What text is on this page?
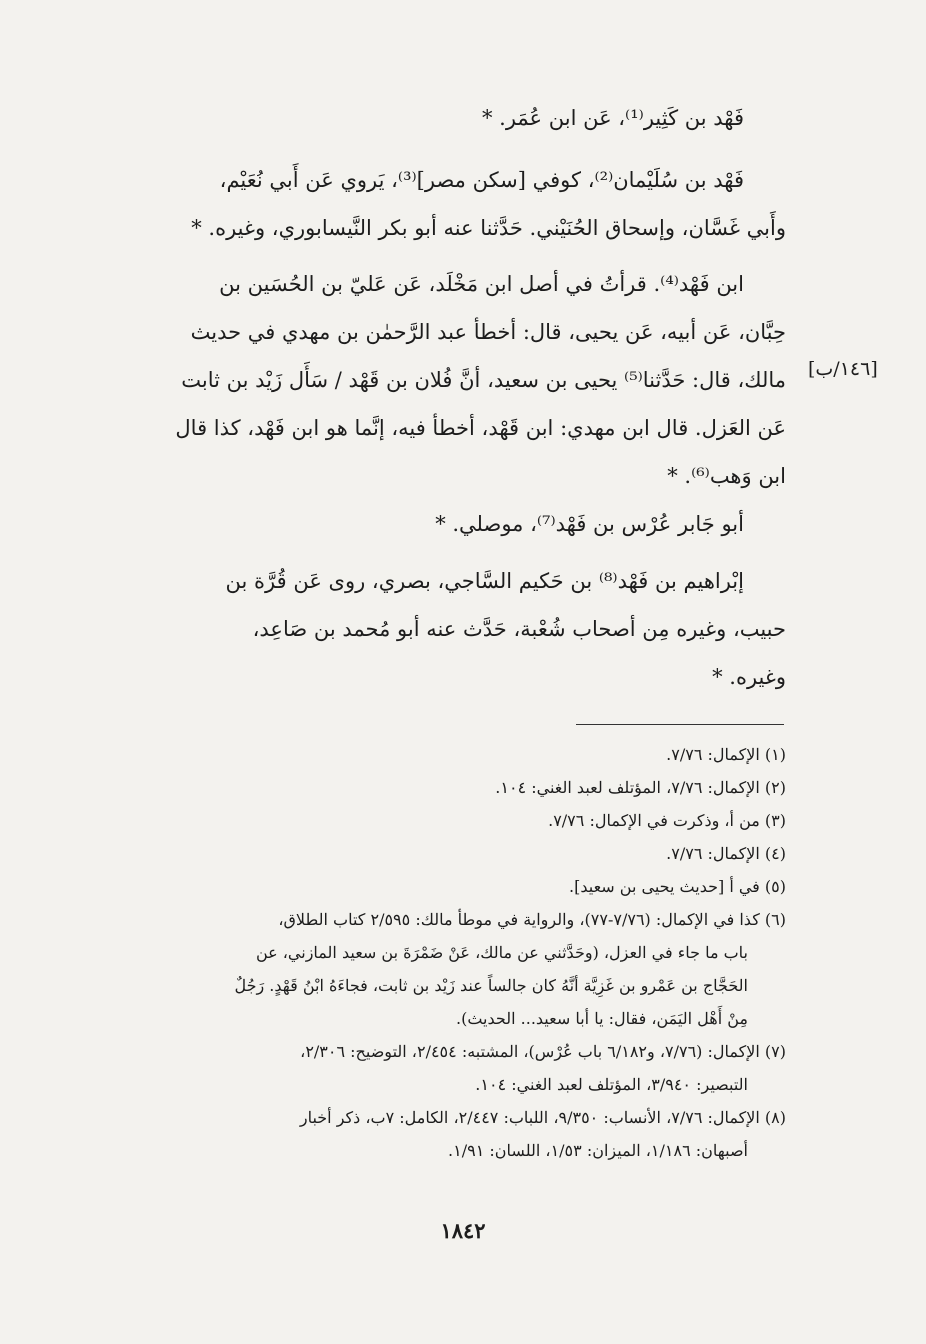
فَهْد بن كَثِير⁽¹⁾، عَن ابن عُمَر. *

فَهْد بن سُلَيْمان⁽²⁾، كوفي [سكن مصر]⁽³⁾، يَروي عَن أَبي نُعَيْم،
وأَبي غَسَّان، وإسحاق الحُنَيْني. حَدَّثنا عنه أبو بكر النَّيسابوري، وغيره. *

ابن فَهْد⁽⁴⁾. قرأتُ في أصل ابن مَخْلَد، عَن عَليّ بن الحُسَين بن
حِبَّان، عَن أبيه، عَن يحيى، قال: أخطأ عبد الرَّحمٰن بن مهدي في حديث
مالك، قال: حَدَّثنا⁽⁵⁾ يحيى بن سعيد، أنَّ فُلان بن قَهْد / سَأَل زَيْد بن ثابت
عَن العَزل. قال ابن مهدي: ابن قَهْد، أخطأ فيه، إنَّما هو ابن فَهْد، كذا قال
ابن وَهب⁽⁶⁾. *

أبو جَابر عُرْس بن فَهْد⁽⁷⁾، موصلي. *

إبْراهيم بن فَهْد⁽⁸⁾ بن حَكيم السَّاجي، بصري، روى عَن قُرَّة بن
حبيب، وغيره مِن أصحاب شُعْبة، حَدَّث عنه أبو مُحمد بن صَاعِد،
وغيره. *

[١٤٦/ب]
(١) الإكمال: ٧/٧٦.
(٢) الإكمال: ٧/٧٦، المؤتلف لعبد الغني: ١٠٤.
(٣) من أ، وذكرت في الإكمال: ٧/٧٦.
(٤) الإكمال: ٧/٧٦.
(٥) في أ [حديث يحيى بن سعيد].
(٦) كذا في الإكمال: (٧/٧٦-٧٧)، والرواية في موطأ مالك: ٢/٥٩٥ كتاب الطلاق،
باب ما جاء في العزل، (وحَدَّثني عن مالك، عَنْ ضَمْرَةَ بن سعيد المازني، عن
الحَجَّاج بن عَمْرو بن غَزِيَّة أنَّهُ كان جالساً عند زَيْد بن ثابت، فجاءَهُ ابْنُ قَهْدٍ. رَجُلٌ
مِنْ أَهْل اليَمَن، فقال: يا أبا سعيد... الحديث).
(٧) الإكمال: (٧/٧٦، و٦/١٨٢ باب عُرْس)، المشتبه: ٢/٤٥٤، التوضيح: ٢/٣٠٦،
التبصير: ٣/٩٤٠، المؤتلف لعبد الغني: ١٠٤.
(٨) الإكمال: ٧/٧٦، الأنساب: ٩/٣٥٠، اللباب: ٢/٤٤٧، الكامل: ٧ب، ذكر أخبار
أصبهان: ١/١٨٦، الميزان: ١/٥٣، اللسان: ١/٩١.
١٨٤٢
